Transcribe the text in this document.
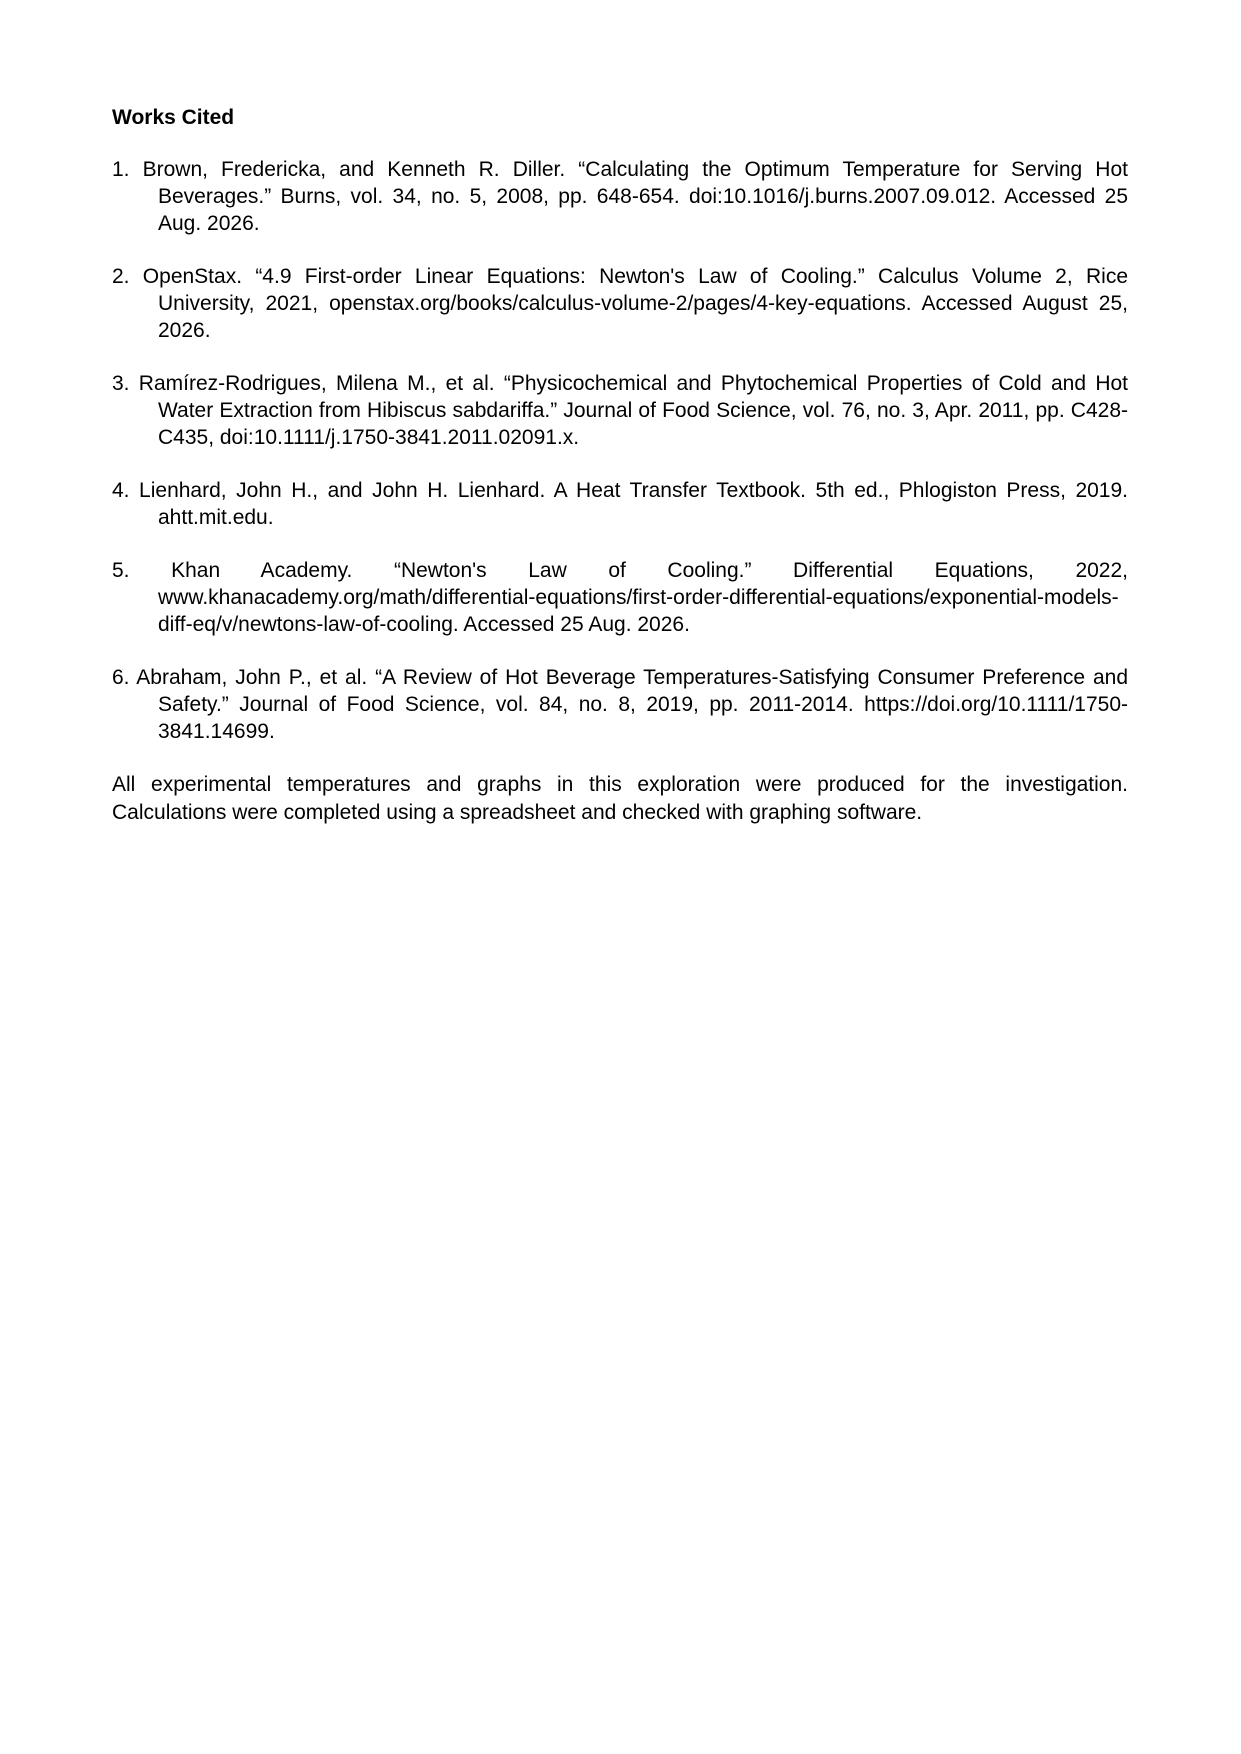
Works Cited
1. Brown, Fredericka, and Kenneth R. Diller. “Calculating the Optimum Temperature for Serving Hot Beverages.” Burns, vol. 34, no. 5, 2008, pp. 648-654. doi:10.1016/j.burns.2007.09.012. Accessed 25 Aug. 2026.
2. OpenStax. “4.9 First-order Linear Equations: Newton's Law of Cooling.” Calculus Volume 2, Rice University, 2021, openstax.org/books/calculus-volume-2/pages/4-key-equations. Accessed August 25, 2026.
3. Ramírez-Rodrigues, Milena M., et al. “Physicochemical and Phytochemical Properties of Cold and Hot Water Extraction from Hibiscus sabdariffa.” Journal of Food Science, vol. 76, no. 3, Apr. 2011, pp. C428-C435, doi:10.1111/j.1750-3841.2011.02091.x.
4. Lienhard, John H., and John H. Lienhard. A Heat Transfer Textbook. 5th ed., Phlogiston Press, 2019. ahtt.mit.edu.
5. Khan Academy. “Newton's Law of Cooling.” Differential Equations, 2022, www.khanacademy.org/math/differential-equations/first-order-differential-equations/exponential-models-diff-eq/v/newtons-law-of-cooling. Accessed 25 Aug. 2026.
6. Abraham, John P., et al. “A Review of Hot Beverage Temperatures-Satisfying Consumer Preference and Safety.” Journal of Food Science, vol. 84, no. 8, 2019, pp. 2011-2014. https://doi.org/10.1111/1750-3841.14699.

All experimental temperatures and graphs in this exploration were produced for the investigation. Calculations were completed using a spreadsheet and checked with graphing software.
